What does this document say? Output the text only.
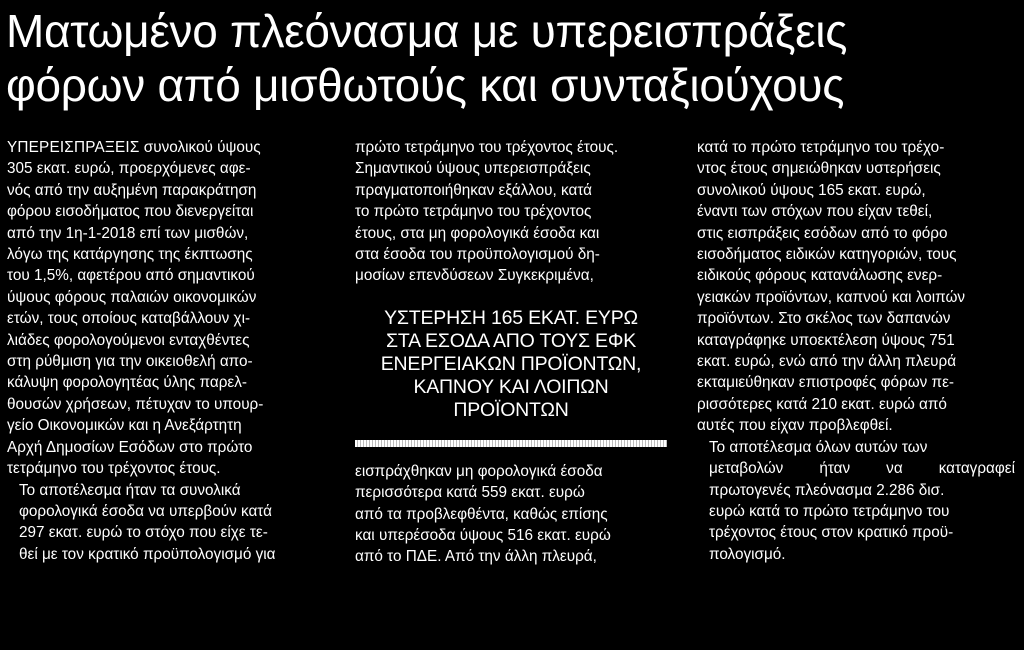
Ματωμένο πλεόνασμα με υπερεισπράξεις
φόρων από μισθωτούς και συνταξιούχους

ΥΠΕΡΕΙΣΠΡΑΞΕΙΣ συνολικού ύψους
305 εκατ. ευρώ, προερχόμενες αφε-
νός από την αυξημένη παρακράτηση
φόρου εισοδήματος που διενεργείται
από την 1η-1-2018 επί των μισθών,
λόγω της κατάργησης της έκπτωσης
του 1,5%, αφετέρου από σημαντικού
ύψους φόρους παλαιών οικονομικών
ετών, τους οποίους καταβάλλουν χι-
λιάδες φορολογούμενοι ενταχθέντες
στη ρύθμιση για την οικειοθελή απο-
κάλυψη φορολογητέας ύλης παρελ-
θουσών χρήσεων, πέτυχαν το υπουρ-
γείο Οικονομικών και η Ανεξάρτητη
Αρχή Δημοσίων Εσόδων στο πρώτο
τετράμηνο του τρέχοντος έτους.

Το αποτέλεσμα ήταν τα συνολικά
φορολογικά έσοδα να υπερβούν κατά
297 εκατ. ευρώ το στόχο που είχε τε-
θεί με τον κρατικό προϋπολογισμό για

πρώτο τετράμηνο του τρέχοντος έτους.
Σημαντικού ύψους υπερεισπράξεις
πραγματοποιήθηκαν εξάλλου, κατά
το πρώτο τετράμηνο του τρέχοντος
έτους, στα μη φορολογικά έσοδα και
στα έσοδα του προϋπολογισμού δη-
μοσίων επενδύσεων Συγκεκριμένα,

ΥΣΤΕΡΗΣΗ 165 ΕΚΑΤ. ΕΥΡΩ
ΣΤΑ ΕΣΟΔΑ ΑΠΟ ΤΟΥΣ ΕΦΚ
ΕΝΕΡΓΕΙΑΚΩΝ ΠΡΟΪΟΝΤΩΝ,
ΚΑΠΝΟΥ ΚΑΙ ΛΟΙΠΩΝ
ΠΡΟΪΟΝΤΩΝ

εισπράχθηκαν μη φορολογικά έσοδα
περισσότερα κατά 559 εκατ. ευρώ
από τα προβλεφθέντα, καθώς επίσης
και υπερέσοδα ύψους 516 εκατ. ευρώ
από το ΠΔΕ. Από την άλλη πλευρά,

κατά το πρώτο τετράμηνο του τρέχο-
ντος έτους σημειώθηκαν υστερήσεις
συνολικού ύψους 165 εκατ. ευρώ,
έναντι των στόχων που είχαν τεθεί,
στις εισπράξεις εσόδων από το φόρο
εισοδήματος ειδικών κατηγοριών, τους
ειδικούς φόρους κατανάλωσης ενερ-
γειακών προϊόντων, καπνού και λοιπών
προϊόντων. Στο σκέλος των δαπανών
καταγράφηκε υποεκτέλεση ύψους 751
εκατ. ευρώ, ενώ από την άλλη πλευρά
εκταμιεύθηκαν επιστροφές φόρων πε-
ρισσότερες κατά 210 εκατ. ευρώ από
αυτές που είχαν προβλεφθεί.

Το αποτέλεσμα όλων αυτών των
μεταβολών ήταν να καταγραφεί
πρωτογενές πλεόνασμα 2.286 δισ.
ευρώ κατά το πρώτο τετράμηνο του
τρέχοντος έτους στον κρατικό προϋ-
πολογισμό.
